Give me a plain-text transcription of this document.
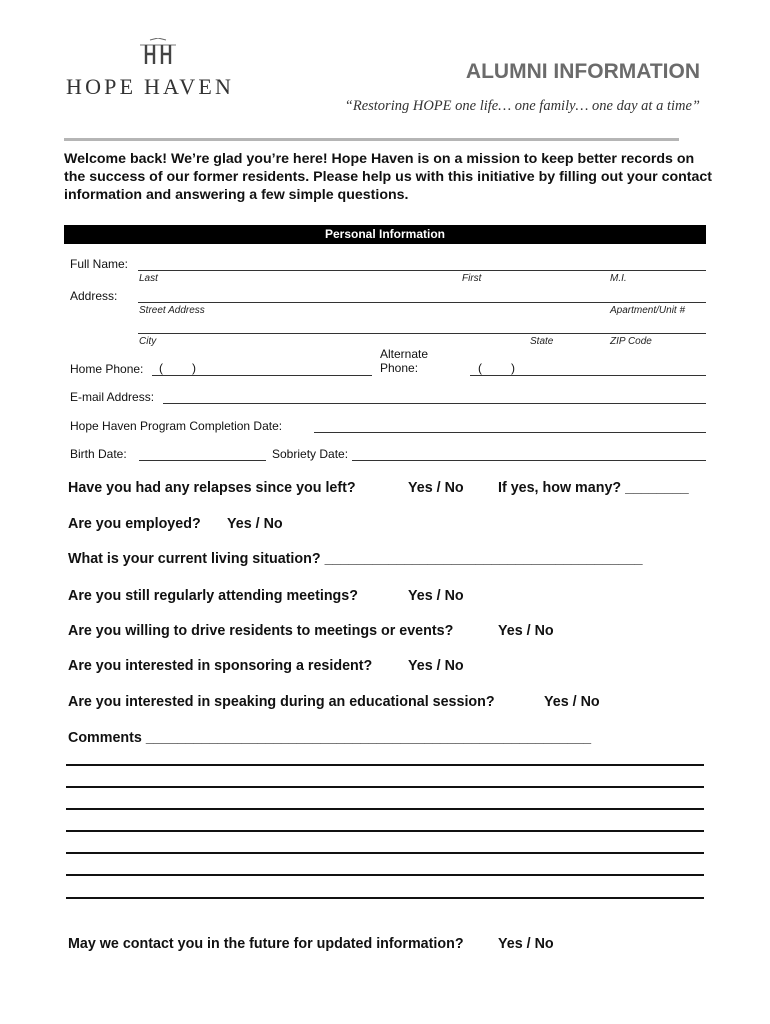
HOPE HAVEN
ALUMNI INFORMATION
“Restoring HOPE one life… one family… one day at a time”
Welcome back! We’re glad you’re here! Hope Haven is on a mission to keep better records on the success of our former residents. Please help us with this initiative by filling out your contact information and answering a few simple questions.
Personal Information
Full Name:
Last	First	M.I.
Address:
Street Address	Apartment/Unit #
City	State	ZIP Code
Home Phone: ( )
Alternate
Phone:	( )
E-mail Address:
Hope Haven Program Completion Date:
Birth Date:	Sobriety Date:
Have you had any relapses since you left?	Yes / No If yes, how many? ________
Are you employed? Yes / No
What is your current living situation? ________________________________________
Are you still regularly attending meetings?	Yes / No
Are you willing to drive residents to meetings or events?	Yes / No
Are you interested in sponsoring a resident? Yes / No
Are you interested in speaking during an educational session?	Yes / No
Comments ________________________________________________________
May we contact you in the future for updated information? Yes / No
